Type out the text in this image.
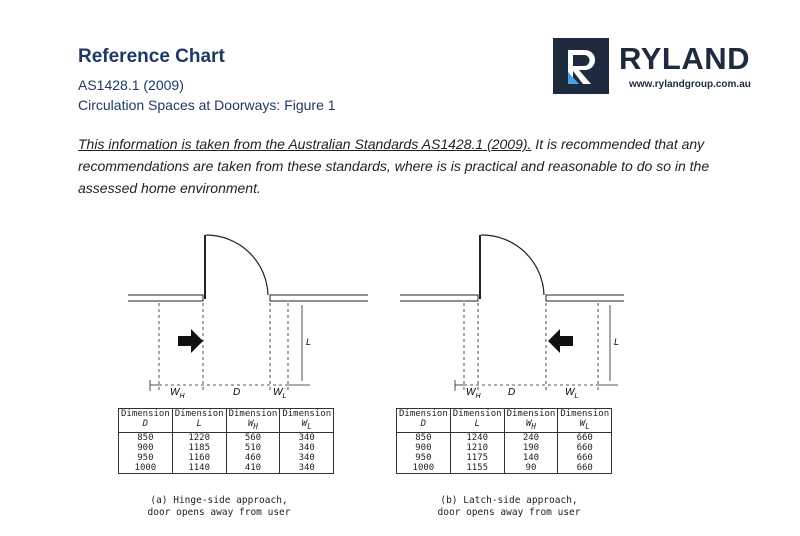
Reference Chart
AS1428.1 (2009)
Circulation Spaces at Doorways: Figure 1
RYLAND
www.rylandgroup.com.au

This information is taken from the Australian Standards AS1428.1 (2009). It is recommended that any recommendations are taken from these standards, where is is practical and reasonable to do so in the assessed home environment.

$W_H$	D	$W_L$
L
$W_H$	D	$W_L$
L
Dimension	Dimension	Dimension	Dimension
D	L	$W_H$	$W_L$
850	1220	560	340
900	1185	510	340
950	1160	460	340
1000	1140	410	340
(a) Hinge-side approach,
door opens away from user
Dimension	Dimension	Dimension	Dimension
D	L	$W_H$	$W_L$
850	1240	240	660
900	1210	190	660
950	1175	140	660
1000	1155	90	660
(b) Latch-side approach,
door opens away from user
